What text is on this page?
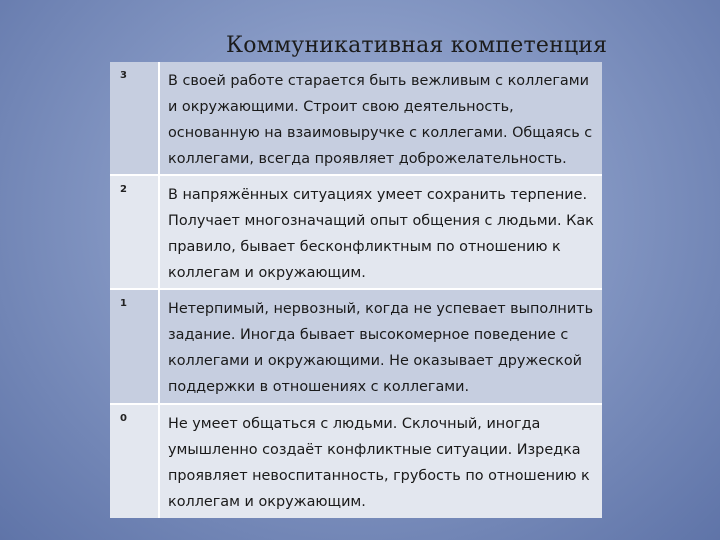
Коммуникативная компетенция
3	В своей работе старается быть вежливым с коллегами и окружающими. Строит свою деятельность, основанную на взаимовыручке с коллегами. Общаясь с коллегами, всегда проявляет доброжелательность.
2	В напряжённых ситуациях умеет сохранить терпение. Получает многозначащий опыт общения с людьми. Как правило, бывает бесконфликтным по отношению к коллегам и окружающим.
1	Нетерпимый, нервозный, когда не успевает выполнить задание. Иногда бывает высокомерное поведение с коллегами и окружающими. Не оказывает дружеской поддержки в отношениях с коллегами.
0	Не умеет общаться с людьми. Склочный, иногда умышленно создаёт конфликтные ситуации. Изредка проявляет невоспитанность, грубость по отношению к коллегам и окружающим.
